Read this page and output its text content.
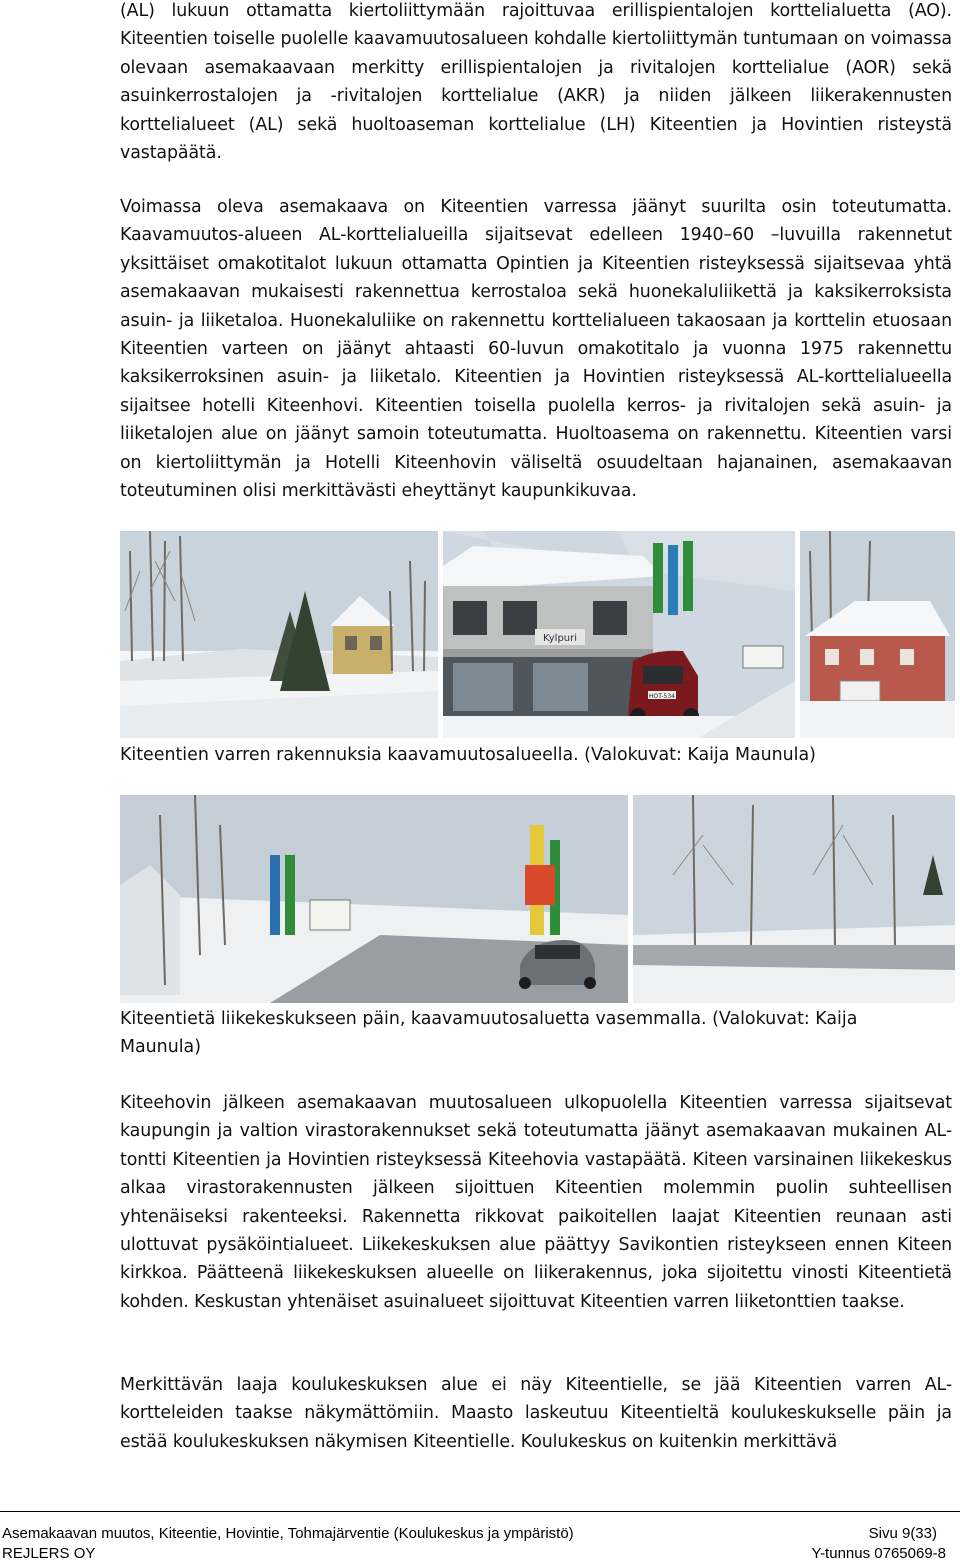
(AL) lukuun ottamatta kiertoliittymään rajoittuvaa erillispientalojen korttelialuetta (AO). Kiteentien toiselle puolelle kaavamuutosalueen kohdalle kiertoliittymän tuntumaan on voimassa olevaan asemakaavaan merkitty erillispientalojen ja rivitalojen korttelialue (AOR) sekä asuinkerrostalojen ja -rivitalojen korttelialue (AKR) ja niiden jälkeen liikerakennusten korttelialueet (AL) sekä huoltoaseman korttelialue (LH) Kiteentien ja Hovintien risteystä vastapäätä.

Voimassa oleva asemakaava on Kiteentien varressa jäänyt suurilta osin toteutumatta. Kaavamuutos-alueen AL-korttelialueilla sijaitsevat edelleen 1940–60 –luvuilla rakennetut yksittäiset omakotitalot lukuun ottamatta Opintien ja Kiteentien risteyksessä sijaitsevaa yhtä asemakaavan mukaisesti rakennettua kerrostaloa sekä huonekaluliikettä ja kaksikerroksista asuin- ja liiketaloa. Huonekaluliike on rakennettu korttelialueen takaosaan ja korttelin etuosaan Kiteentien varteen on jäänyt ahtaasti 60-luvun omakotitalo ja vuonna 1975 rakennettu kaksikerroksinen asuin- ja liiketalo. Kiteentien ja Hovintien risteyksessä AL-korttelialueella sijaitsee hotelli Kiteenhovi. Kiteentien toisella puolella kerros- ja rivitalojen sekä asuin- ja liiketalojen alue on jäänyt samoin toteutumatta. Huoltoasema on rakennettu. Kiteentien varsi on kiertoliittymän ja Hotelli Kiteenhovin väliseltä osuudeltaan hajanainen, asemakaavan toteutuminen olisi merkittävästi eheyttänyt kaupunkikuvaa.

Kylpuri
HOT-534

Kiteentien varren rakennuksia kaavamuutosalueella. (Valokuvat: Kaija Maunula)

Kiteentietä liikekeskukseen päin, kaavamuutosaluetta vasemmalla. (Valokuvat: Kaija Maunula)

Kiteehovin jälkeen asemakaavan muutosalueen ulkopuolella Kiteentien varressa sijaitsevat kaupungin ja valtion virastorakennukset sekä toteutumatta jäänyt asemakaavan mukainen AL-tontti Kiteentien ja Hovintien risteyksessä Kiteehovia vastapäätä. Kiteen varsinainen liikekeskus alkaa virastorakennusten jälkeen sijoittuen Kiteentien molemmin puolin suhteellisen yhtenäiseksi rakenteeksi. Rakennetta rikkovat paikoitellen laajat Kiteentien reunaan asti ulottuvat pysäköintialueet. Liikekeskuksen alue päättyy Savikontien risteykseen ennen Kiteen kirkkoa. Päätteenä liikekeskuksen alueelle on liikerakennus, joka sijoitettu vinosti Kiteentietä kohden. Keskustan yhtenäiset asuinalueet sijoittuvat Kiteentien varren liiketonttien taakse.

Merkittävän laaja koulukeskuksen alue ei näy Kiteentielle, se jää Kiteentien varren AL-kortteleiden taakse näkymättömiin. Maasto laskeutuu Kiteentieltä koulukeskukselle päin ja estää koulukeskuksen näkymisen Kiteentielle. Koulukeskus on kuitenkin merkittävä

Asemakaavan muutos, Kiteentie, Hovintie, Tohmajärventie (Koulukeskus ja ympäristö)	Sivu 9(33)
REJLERS OY	Y-tunnus 0765069-8
